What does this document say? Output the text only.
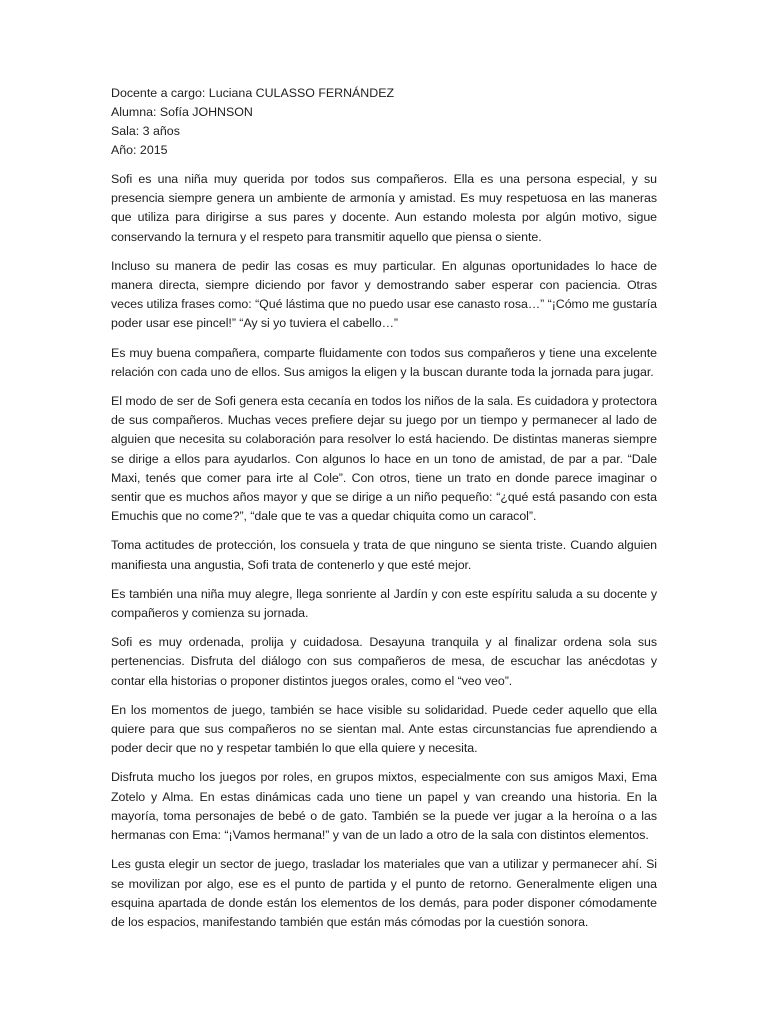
Docente a cargo: Luciana CULASSO FERNÁNDEZ
Alumna: Sofía JOHNSON
Sala: 3 años
Año: 2015

Sofi es una niña muy querida por todos sus compañeros. Ella es una persona especial, y su presencia siempre genera un ambiente de armonía y amistad. Es muy respetuosa en las maneras que utiliza para dirigirse a sus pares y docente. Aun estando molesta por algún motivo, sigue conservando la ternura y el respeto para transmitir aquello que piensa o siente.

Incluso su manera de pedir las cosas es muy particular. En algunas oportunidades lo hace de manera directa, siempre diciendo por favor y demostrando saber esperar con paciencia. Otras veces utiliza frases como: “Qué lástima que no puedo usar ese canasto rosa…” “¡Cómo me gustaría poder usar ese pincel!” “Ay si yo tuviera el cabello…”

Es muy buena compañera, comparte fluidamente con todos sus compañeros y tiene una excelente relación con cada uno de ellos. Sus amigos la eligen y la buscan durante toda la jornada para jugar.

El modo de ser de Sofi genera esta cecanía en todos los niños de la sala. Es cuidadora y protectora de sus compañeros. Muchas veces prefiere dejar su juego por un tiempo y permanecer al lado de alguien que necesita su colaboración para resolver lo está haciendo. De distintas maneras siempre se dirige a ellos para ayudarlos. Con algunos lo hace en un tono de amistad, de par a par. “Dale Maxi, tenés que comer para irte al Cole”. Con otros, tiene un trato en donde parece imaginar o sentir que es muchos años mayor y que se dirige a un niño pequeño: “¿qué está pasando con esta Emuchis que no come?”, “dale que te vas a quedar chiquita como un caracol”.

Toma actitudes de protección, los consuela y trata de que ninguno se sienta triste. Cuando alguien manifiesta una angustia, Sofi trata de contenerlo y que esté mejor.

Es también una niña muy alegre, llega sonriente al Jardín y con este espíritu saluda a su docente y compañeros y comienza su jornada.

Sofi es muy ordenada, prolija y cuidadosa. Desayuna tranquila y al finalizar ordena sola sus pertenencias. Disfruta del diálogo con sus compañeros de mesa, de escuchar las anécdotas y contar ella historias o proponer distintos juegos orales, como el “veo veo”.

En los momentos de juego, también se hace visible su solidaridad. Puede ceder aquello que ella quiere para que sus compañeros no se sientan mal. Ante estas circunstancias fue aprendiendo a poder decir que no y respetar también lo que ella quiere y necesita.

Disfruta mucho los juegos por roles, en grupos mixtos, especialmente con sus amigos Maxi, Ema Zotelo y Alma. En estas dinámicas cada uno tiene un papel y van creando una historia. En la mayoría, toma personajes de bebé o de gato. También se la puede ver jugar a la heroína o a las hermanas con Ema: “¡Vamos hermana!” y van de un lado a otro de la sala con distintos elementos.

Les gusta elegir un sector de juego, trasladar los materiales que van a utilizar y permanecer ahí. Si se movilizan por algo, ese es el punto de partida y el punto de retorno. Generalmente eligen una esquina apartada de donde están los elementos de los demás, para poder disponer cómodamente de los espacios, manifestando también que están más cómodas por la cuestión sonora.
